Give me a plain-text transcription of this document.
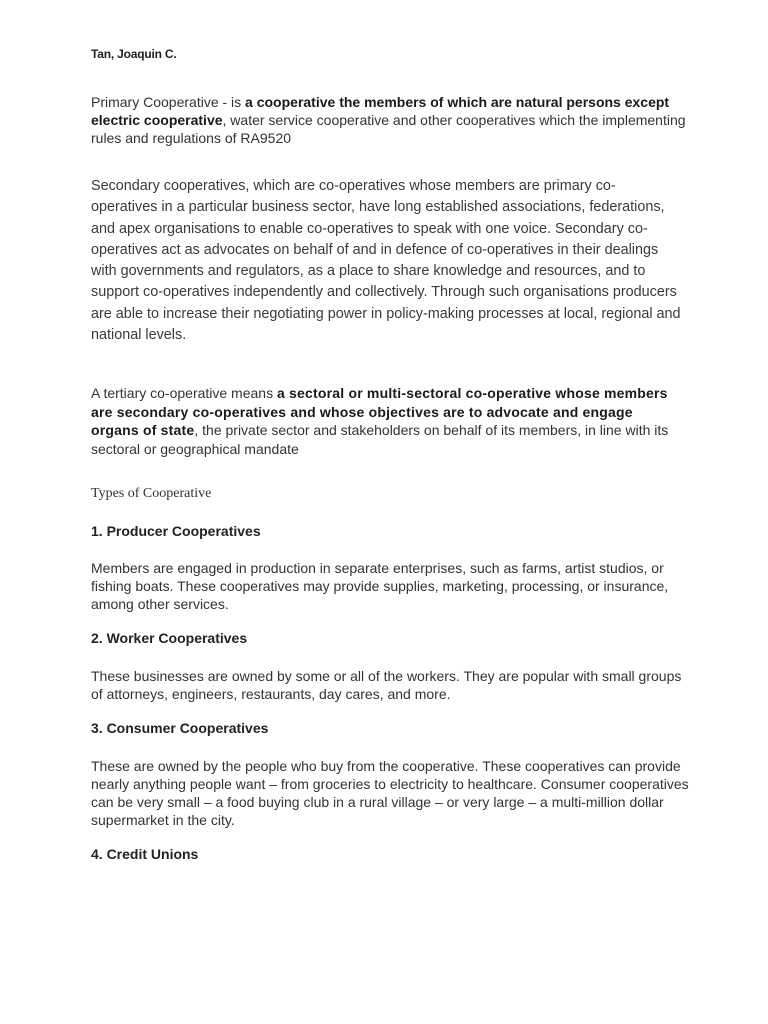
Tan, Joaquin C.
Primary Cooperative - is a cooperative the members of which are natural persons except electric cooperative, water service cooperative and other cooperatives which the implementing rules and regulations of RA9520
Secondary cooperatives, which are co-operatives whose members are primary co-operatives in a particular business sector, have long established associations, federations, and apex organisations to enable co-operatives to speak with one voice. Secondary co-operatives act as advocates on behalf of and in defence of co-operatives in their dealings with governments and regulators, as a place to share knowledge and resources, and to support co-operatives independently and collectively. Through such organisations producers are able to increase their negotiating power in policy-making processes at local, regional and national levels.
A tertiary co-operative means a sectoral or multi-sectoral co-operative whose members are secondary co-operatives and whose objectives are to advocate and engage organs of state, the private sector and stakeholders on behalf of its members, in line with its sectoral or geographical mandate
Types of Cooperative
1. Producer Cooperatives
Members are engaged in production in separate enterprises, such as farms, artist studios, or fishing boats. These cooperatives may provide supplies, marketing, processing, or insurance, among other services.
2. Worker Cooperatives
These businesses are owned by some or all of the workers. They are popular with small groups of attorneys, engineers, restaurants, day cares, and more.
3. Consumer Cooperatives
These are owned by the people who buy from the cooperative. These cooperatives can provide nearly anything people want – from groceries to electricity to healthcare. Consumer cooperatives can be very small – a food buying club in a rural village – or very large – a multi-million dollar supermarket in the city.
4. Credit Unions
